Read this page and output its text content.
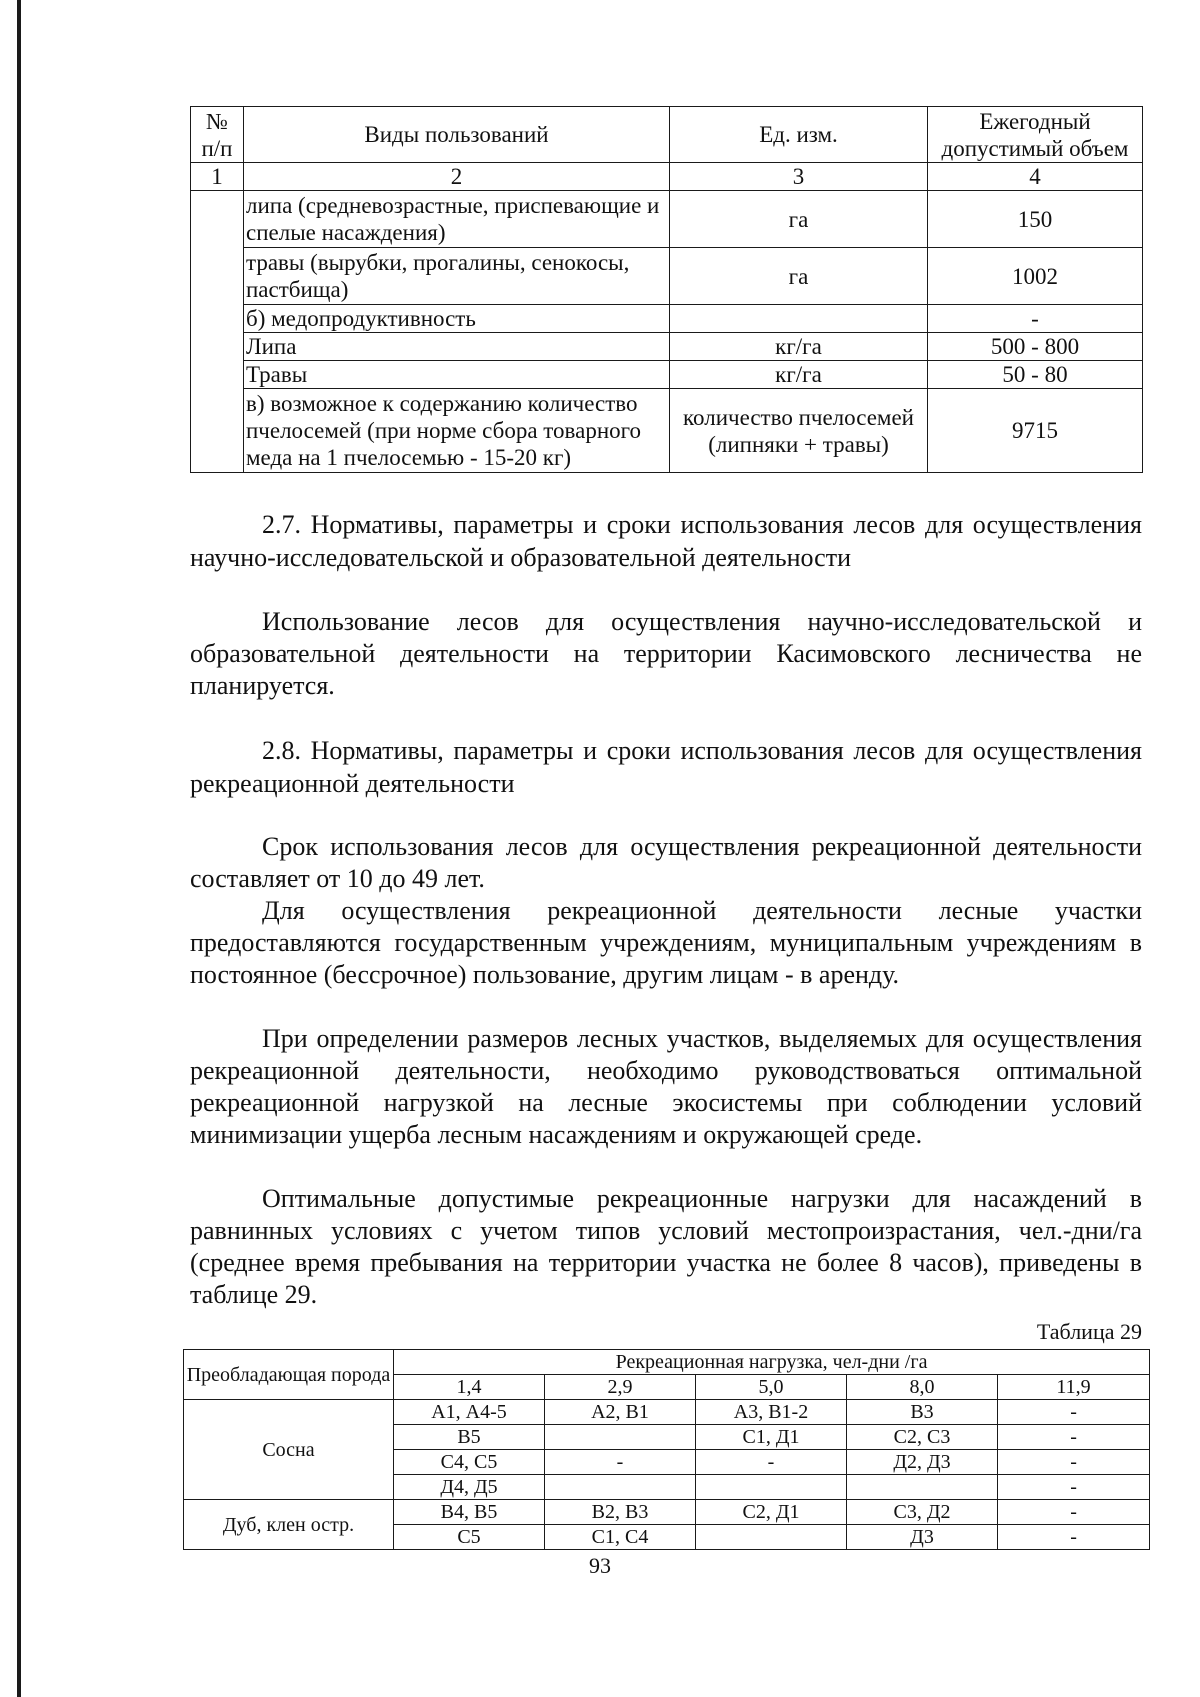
№ п/п	Виды пользований	Ед. изм.	Ежегодный допустимый объем
1	2	3	4
	липа (средневозрастные, приспевающие и спелые насаждения)	га	150
	травы (вырубки, прогалины, сенокосы, пастбища)	га	1002
	б) медопродуктивность		-
	Липа	кг/га	500 - 800
	Травы	кг/га	50 - 80
	в) возможное к содержанию количество пчелосемей (при норме сбора товарного меда на 1 пчелосемью - 15-20 кг)	количество пчелосемей (липняки + травы)	9715

2.7. Нормативы, параметры и сроки использования лесов для осуществления научно-исследовательской и образовательной деятельности

Использование лесов для осуществления научно-исследовательской и образовательной деятельности на территории Касимовского лесничества не планируется.

2.8. Нормативы, параметры и сроки использования лесов для осуществления рекреационной деятельности

Срок использования лесов для осуществления рекреационной деятельности составляет от 10 до 49 лет.

Для осуществления рекреационной деятельности лесные участки предоставляются государственным учреждениям, муниципальным учреждениям в постоянное (бессрочное) пользование, другим лицам - в аренду.

При определении размеров лесных участков, выделяемых для осуществления рекреационной деятельности, необходимо руководствоваться оптимальной рекреационной нагрузкой на лесные экосистемы при соблюдении условий минимизации ущерба лесным насаждениям и окружающей среде.

Оптимальные допустимые рекреационные нагрузки для насаждений в равнинных условиях с учетом типов условий местопроизрастания, чел.-дни/га (среднее время пребывания на территории участка не более 8 часов), приведены в таблице 29.

Таблица 29
Преобладающая порода	Рекреационная нагрузка, чел-дни /га				
	1,4	2,9	5,0	8,0	11,9
Сосна	А1, А4-5	А2, В1	А3, В1-2	В3	-
	В5		С1, Д1	С2, С3	-
	С4, С5	-	-	Д2, Д3	-
	Д4, Д5				-
Дуб, клен остр.	В4, В5	В2, В3	С2, Д1	С3, Д2	-
	С5	С1, С4		Д3	-
93
